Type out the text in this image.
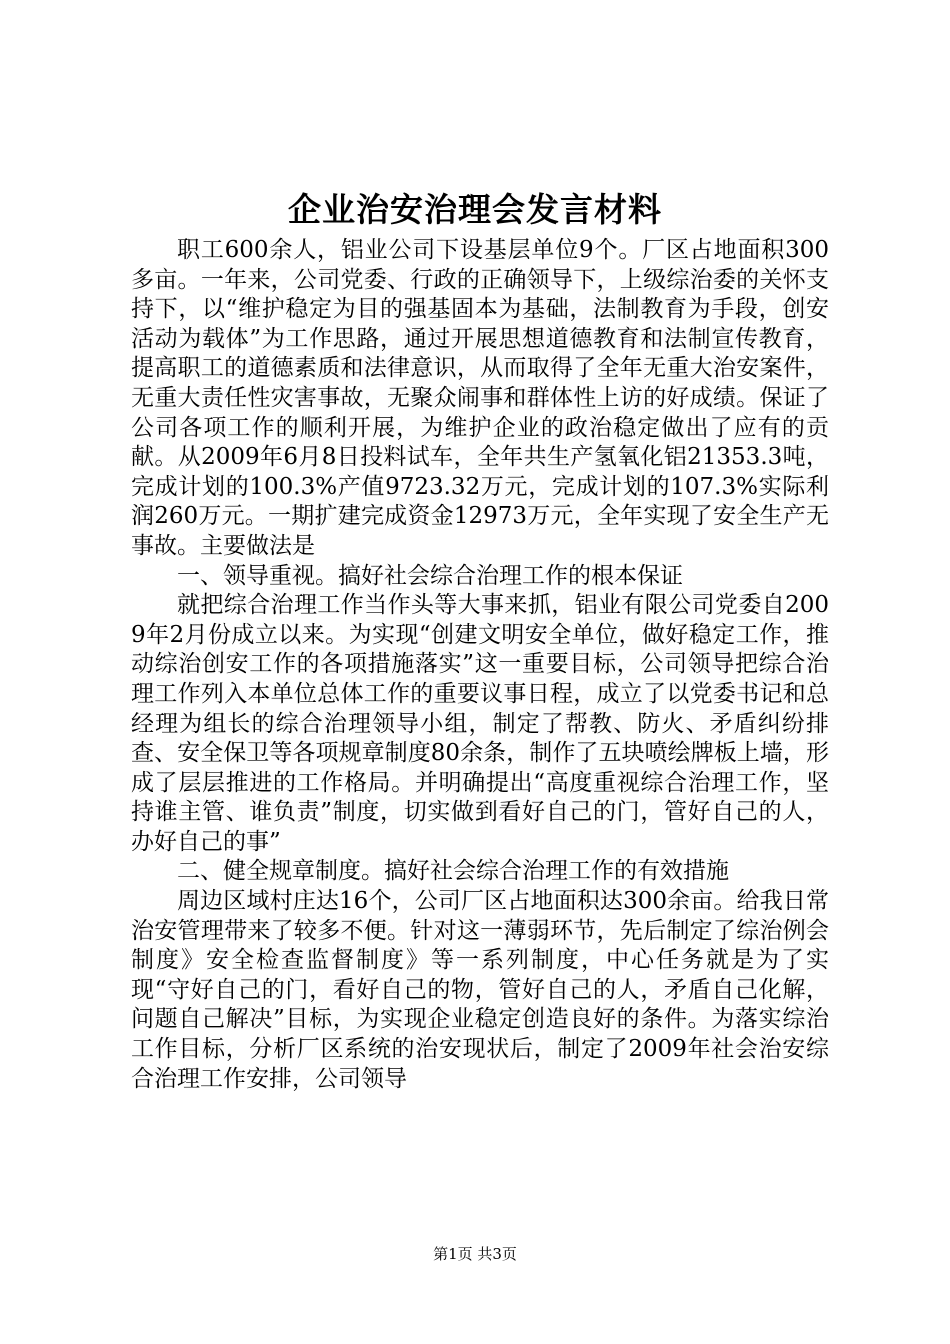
企业治安治理会发言材料

职工600余人，铝业公司下设基层单位9个。厂区占地面积300多亩。一年来，公司党委、行政的正确领导下，上级综治委的关怀支持下，以“维护稳定为目的强基固本为基础，法制教育为手段，创安活动为载体”为工作思路，通过开展思想道德教育和法制宣传教育，提高职工的道德素质和法律意识，从而取得了全年无重大治安案件，无重大责任性灾害事故，无聚众闹事和群体性上访的好成绩。保证了公司各项工作的顺利开展，为维护企业的政治稳定做出了应有的贡献。从2009年6月8日投料试车，全年共生产氢氧化铝21353.3吨，完成计划的100.3%产值9723.32万元，完成计划的107.3%实际利润260万元。一期扩建完成资金12973万元，全年实现了安全生产无事故。主要做法是

一、领导重视。搞好社会综合治理工作的根本保证

就把综合治理工作当作头等大事来抓，铝业有限公司党委自2009年2月份成立以来。为实现“创建文明安全单位，做好稳定工作，推动综治创安工作的各项措施落实”这一重要目标，公司领导把综合治理工作列入本单位总体工作的重要议事日程，成立了以党委书记和总经理为组长的综合治理领导小组，制定了帮教、防火、矛盾纠纷排查、安全保卫等各项规章制度80余条，制作了五块喷绘牌板上墙，形成了层层推进的工作格局。并明确提出“高度重视综合治理工作，坚持谁主管、谁负责”制度，切实做到看好自己的门，管好自己的人，办好自己的事”

二、健全规章制度。搞好社会综合治理工作的有效措施

周边区域村庄达16个，公司厂区占地面积达300余亩。给我日常治安管理带来了较多不便。针对这一薄弱环节，先后制定了综治例会制度》安全检查监督制度》等一系列制度，中心任务就是为了实现“守好自己的门，看好自己的物，管好自己的人，矛盾自己化解，问题自己解决”目标，为实现企业稳定创造良好的条件。为落实综治工作目标，分析厂区系统的治安现状后，制定了2009年社会治安综合治理工作安排，公司领导

第1页 共3页
